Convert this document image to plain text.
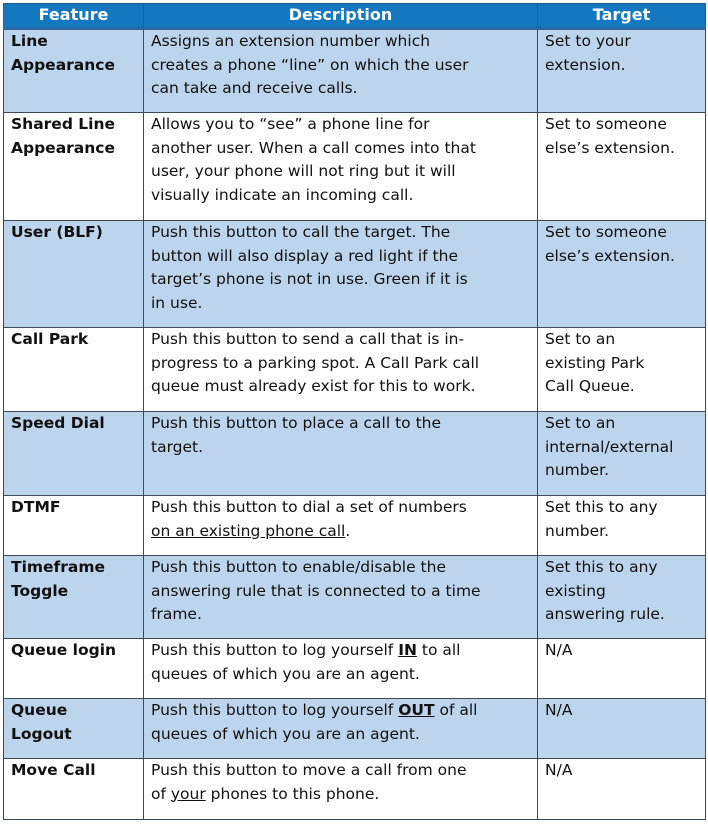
Feature	Description	Target

Line
Appearance	Assigns an extension number which
creates a phone “line” on which the user
can take and receive calls.	Set to your
extension.

Shared Line
Appearance	Allows you to “see” a phone line for
another user. When a call comes into that
user, your phone will not ring but it will
visually indicate an incoming call.	Set to someone
else’s extension.

User (BLF)	Push this button to call the target. The
button will also display a red light if the
target’s phone is not in use. Green if it is
in use.	Set to someone
else’s extension.

Call Park	Push this button to send a call that is in-
progress to a parking spot. A Call Park call
queue must already exist for this to work.	Set to an
existing Park
Call Queue.

Speed Dial	Push this button to place a call to the
target.	Set to an
internal/external
number.

DTMF	Push this button to dial a set of numbers
on an existing phone call.	Set this to any
number.

Timeframe
Toggle	Push this button to enable/disable the
answering rule that is connected to a time
frame.	Set this to any
existing
answering rule.

Queue login	Push this button to log yourself IN to all
queues of which you are an agent.	N/A

Queue
Logout	Push this button to log yourself OUT of all
queues of which you are an agent.	N/A

Move Call	Push this button to move a call from one
of your phones to this phone.	N/A
